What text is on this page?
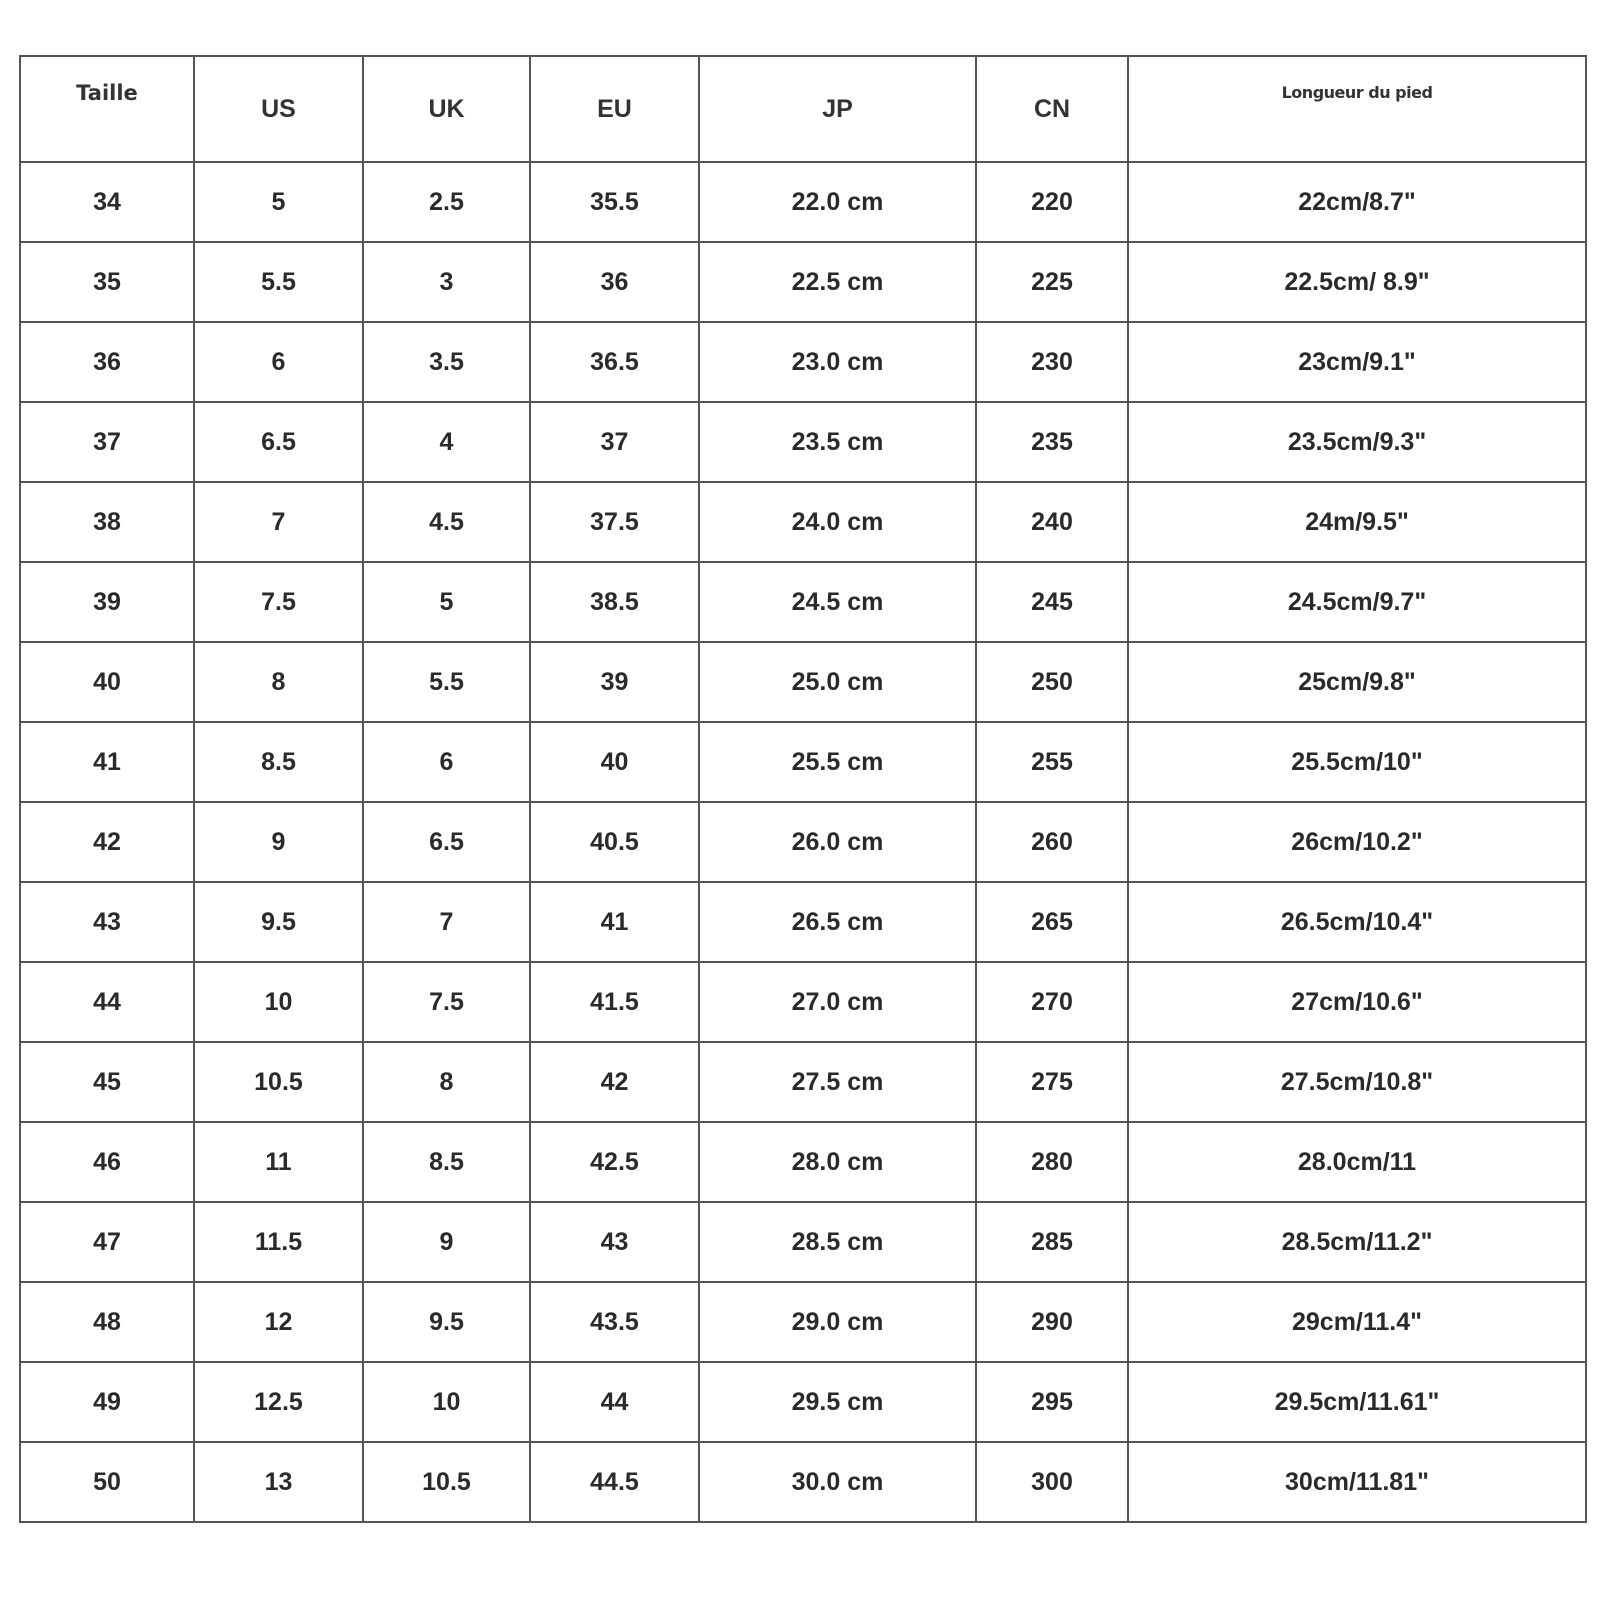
Taille	US	UK	EU	JP	CN	Longueur du pied
34	5	2.5	35.5	22.0 cm	220	22cm/8.7"
35	5.5	3	36	22.5 cm	225	22.5cm/ 8.9"
36	6	3.5	36.5	23.0 cm	230	23cm/9.1"
37	6.5	4	37	23.5 cm	235	23.5cm/9.3"
38	7	4.5	37.5	24.0 cm	240	24m/9.5"
39	7.5	5	38.5	24.5 cm	245	24.5cm/9.7"
40	8	5.5	39	25.0 cm	250	25cm/9.8"
41	8.5	6	40	25.5 cm	255	25.5cm/10"
42	9	6.5	40.5	26.0 cm	260	26cm/10.2"
43	9.5	7	41	26.5 cm	265	26.5cm/10.4"
44	10	7.5	41.5	27.0 cm	270	27cm/10.6"
45	10.5	8	42	27.5 cm	275	27.5cm/10.8"
46	11	8.5	42.5	28.0 cm	280	28.0cm/11
47	11.5	9	43	28.5 cm	285	28.5cm/11.2"
48	12	9.5	43.5	29.0 cm	290	29cm/11.4"
49	12.5	10	44	29.5 cm	295	29.5cm/11.61"
50	13	10.5	44.5	30.0 cm	300	30cm/11.81"
